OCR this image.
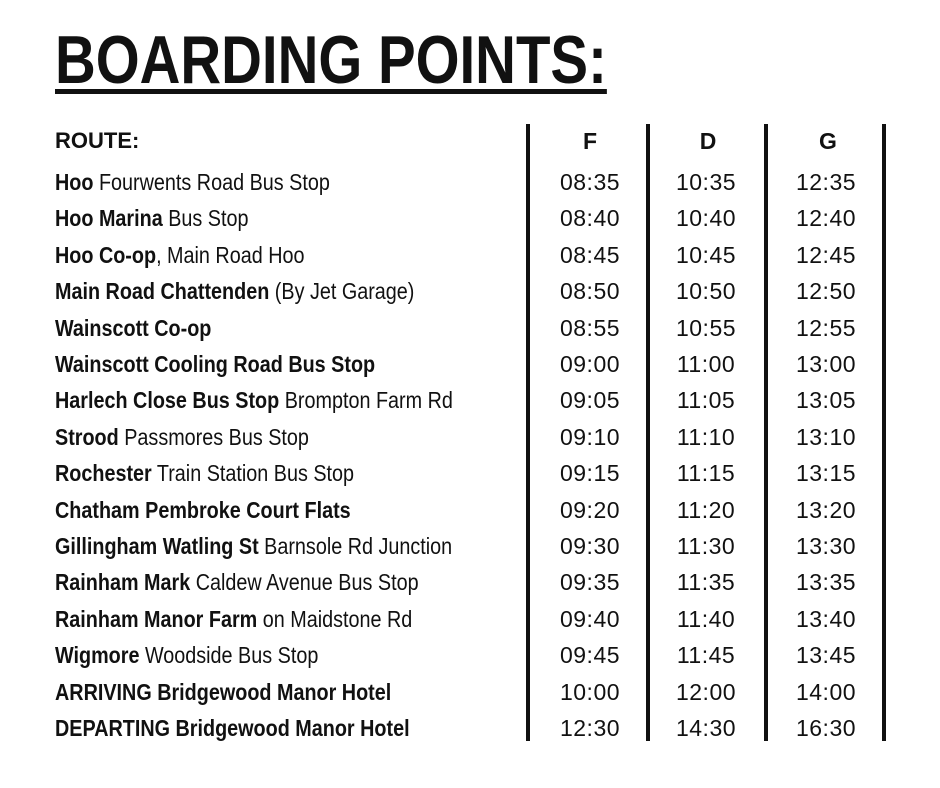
BOARDING POINTS:
ROUTE:	F	D	G
Hoo Fourwents Road Bus Stop	08:35	10:35	12:35
Hoo Marina Bus Stop	08:40	10:40	12:40
Hoo Co-op, Main Road Hoo	08:45	10:45	12:45
Main Road Chattenden (By Jet Garage)	08:50	10:50	12:50
Wainscott Co-op	08:55	10:55	12:55
Wainscott Cooling Road Bus Stop	09:00	11:00	13:00
Harlech Close Bus Stop Brompton Farm Rd	09:05	11:05	13:05
Strood Passmores Bus Stop	09:10	11:10	13:10
Rochester Train Station Bus Stop	09:15	11:15	13:15
Chatham Pembroke Court Flats	09:20	11:20	13:20
Gillingham Watling St Barnsole Rd Junction	09:30	11:30	13:30
Rainham Mark Caldew Avenue Bus Stop	09:35	11:35	13:35
Rainham Manor Farm on Maidstone Rd	09:40	11:40	13:40
Wigmore Woodside Bus Stop	09:45	11:45	13:45
ARRIVING Bridgewood Manor Hotel	10:00	12:00	14:00
DEPARTING Bridgewood Manor Hotel	12:30	14:30	16:30
